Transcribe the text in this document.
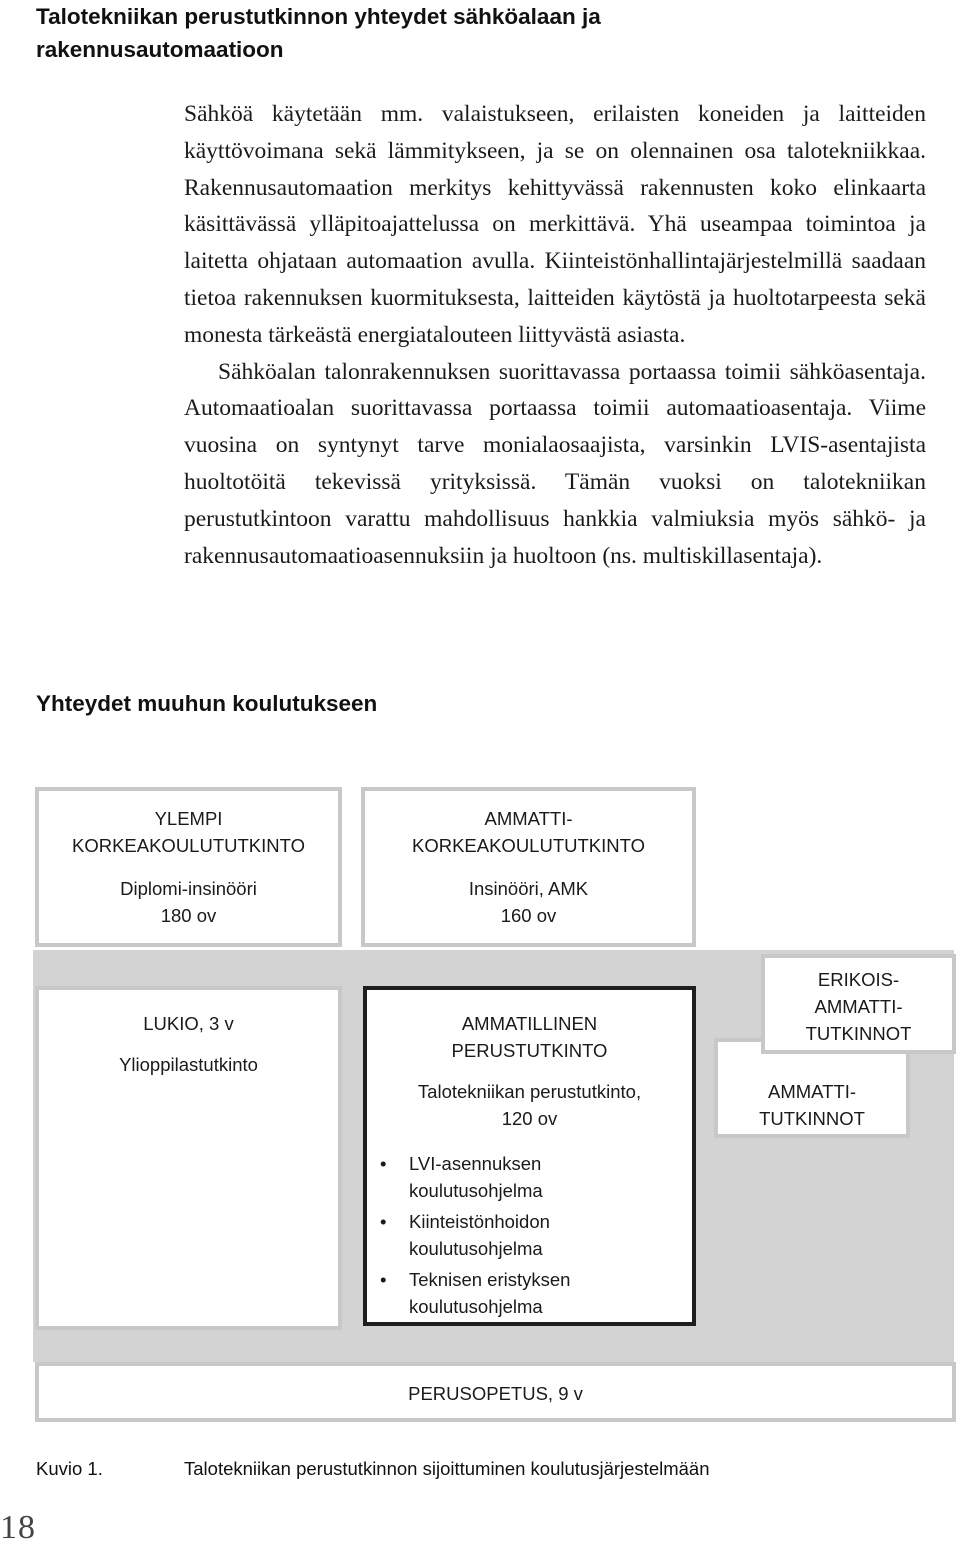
Talotekniikan perustutkinnon yhteydet sähköalaan ja
rakennusautomaatioon

Sähköä käytetään mm. valaistukseen, erilaisten koneiden ja laitteiden käyttövoimana sekä lämmitykseen, ja se on olennainen osa talotekniikkaa. Rakennusautomaation merkitys kehittyvässä rakennusten koko elinkaarta käsittävässä ylläpitoajattelussa on merkittävä. Yhä useampaa toimintoa ja laitetta ohjataan automaation avulla. Kiinteistönhallintajärjestelmillä saadaan tietoa rakennuksen kuormituksesta, laitteiden käytöstä ja huoltotarpeesta sekä monesta tärkeästä energiatalouteen liittyvästä asiasta.

Sähköalan talonrakennuksen suorittavassa portaassa toimii sähköasentaja. Automaatioalan suorittavassa portaassa toimii automaatioasentaja. Viime vuosina on syntynyt tarve monialaosaajista, varsinkin LVIS-asentajista huoltotöitä tekevissä yrityksissä. Tämän vuoksi on talotekniikan perustutkintoon varattu mahdollisuus hankkia valmiuksia myös sähkö- ja rakennusautomaatioasennuksiin ja huoltoon (ns. multiskillasentaja).

Yhteydet muuhun koulutukseen
YLEMPI
KORKEAKOULUTUTKINTO
Diplomi-insinööri
180 ov
AMMATTI-
KORKEAKOULUTUTKINTO
Insinööri, AMK
160 ov
LUKIO, 3 v
Ylioppilastutkinto
AMMATILLINEN
PERUSTUTKINTO
Talotekniikan perustutkinto,
120 ov
• LVI-asennuksen
koulutusohjelma
• Kiinteistönhoidon
koulutusohjelma
• Teknisen eristyksen
koulutusohjelma
AMMATTI-
TUTKINNOT
ERIKOIS-
AMMATTI-
TUTKINNOT
PERUSOPETUS, 9 v
Kuvio 1.	Talotekniikan perustutkinnon sijoittuminen koulutusjärjestelmään
18
